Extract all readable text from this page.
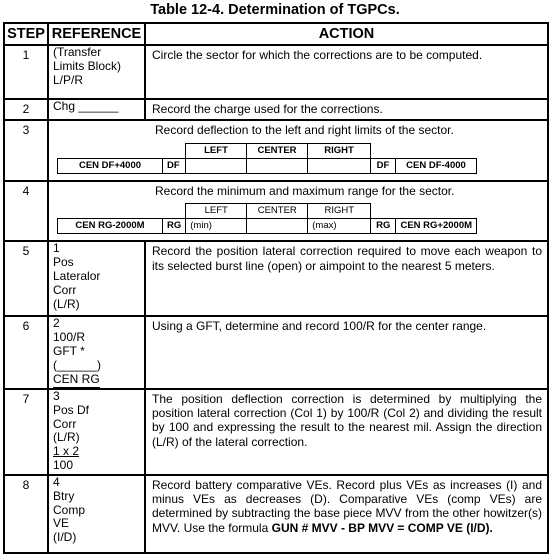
Table 12-4. Determination of TGPCs.
STEP	REFERENCE	ACTION

1	(Transfer
Limits Block)
L/P/R
	Circle the sector for which the corrections are to be computed.

2	Chg ______	Record the charge used for the corrections.

3	Record deflection to the left and right limits of the sector.
	LEFT	CENTER	RIGHT	
CEN DF+4000	DF				DF	CEN DF-4000

4	Record the minimum and maximum range for the sector.
	LEFT	CENTER	RIGHT	
CEN RG-2000M	RG	(min)		(max)	RG	CEN RG+2000M

5	1
Pos
Lateralor
Corr
(L/R)
	Record the position lateral correction required to move each weapon to its selected burst line (open) or aimpoint to the nearest 5 meters.

6	2
100/R
GFT *
(______)
CEN RG
	Using a GFT, determine and record 100/R for the center range.

7	3
Pos Df
Corr
(L/R)
1 x 2
100
	The position deflection correction is determined by multiplying the position lateral correction (Col 1) by 100/R (Col 2) and dividing the result by 100 and expressing the result to the nearest mil. Assign the direction (L/R) of the lateral correction.

8	4
Btry
Comp
VE
(I/D)
	Record battery comparative VEs. Record plus VEs as increases (I) and minus VEs as decreases (D). Comparative VEs (comp VEs) are determined by subtracting the base piece MVV from the other howitzer(s) MVV. Use the formula GUN # MVV - BP MVV = COMP VE (I/D).
